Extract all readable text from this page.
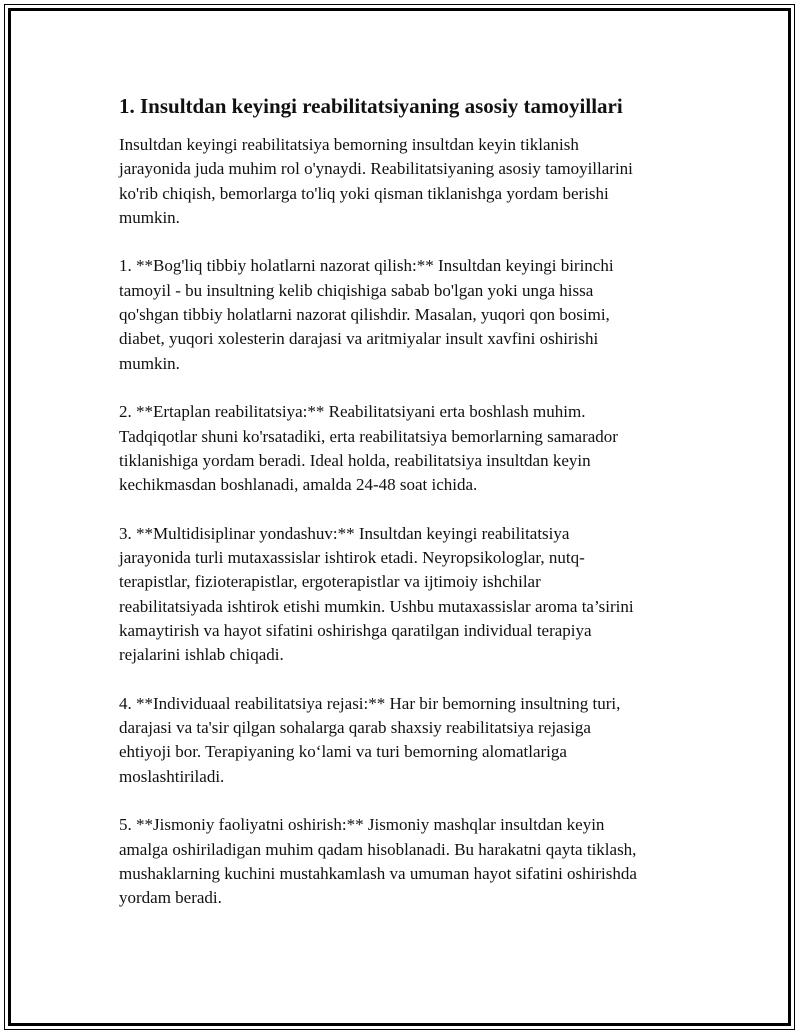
1. Insultdan keyingi reabilitatsiyaning asosiy tamoyillari

Insultdan keyingi reabilitatsiya bemorning insultdan keyin tiklanish
jarayonida juda muhim rol o'ynaydi. Reabilitatsiyaning asosiy tamoyillarini
ko'rib chiqish, bemorlarga to'liq yoki qisman tiklanishga yordam berishi
mumkin.

1. **Bog'liq tibbiy holatlarni nazorat qilish:** Insultdan keyingi birinchi
tamoyil - bu insultning kelib chiqishiga sabab bo'lgan yoki unga hissa
qo'shgan tibbiy holatlarni nazorat qilishdir. Masalan, yuqori qon bosimi,
diabet, yuqori xolesterin darajasi va aritmiyalar insult xavfini oshirishi
mumkin.

2. **Ertaplan reabilitatsiya:** Reabilitatsiyani erta boshlash muhim.
Tadqiqotlar shuni ko'rsatadiki, erta reabilitatsiya bemorlarning samarador
tiklanishiga yordam beradi. Ideal holda, reabilitatsiya insultdan keyin
kechikmasdan boshlanadi, amalda 24-48 soat ichida.

3. **Multidisiplinar yondashuv:** Insultdan keyingi reabilitatsiya
jarayonida turli mutaxassislar ishtirok etadi. Neyropsikologlar, nutq-
terapistlar, fizioterapistlar, ergoterapistlar va ijtimoiy ishchilar
reabilitatsiyada ishtirok etishi mumkin. Ushbu mutaxassislar aroma ta’sirini
kamaytirish va hayot sifatini oshirishga qaratilgan individual terapiya
rejalarini ishlab chiqadi.

4. **Individuaal reabilitatsiya rejasi:** Har bir bemorning insultning turi,
darajasi va ta'sir qilgan sohalarga qarab shaxsiy reabilitatsiya rejasiga
ehtiyoji bor. Terapiyaning ko‘lami va turi bemorning alomatlariga
moslashtiriladi.

5. **Jismoniy faoliyatni oshirish:** Jismoniy mashqlar insultdan keyin
amalga oshiriladigan muhim qadam hisoblanadi. Bu harakatni qayta tiklash,
mushaklarning kuchini mustahkamlash va umuman hayot sifatini oshirishda
yordam beradi.
